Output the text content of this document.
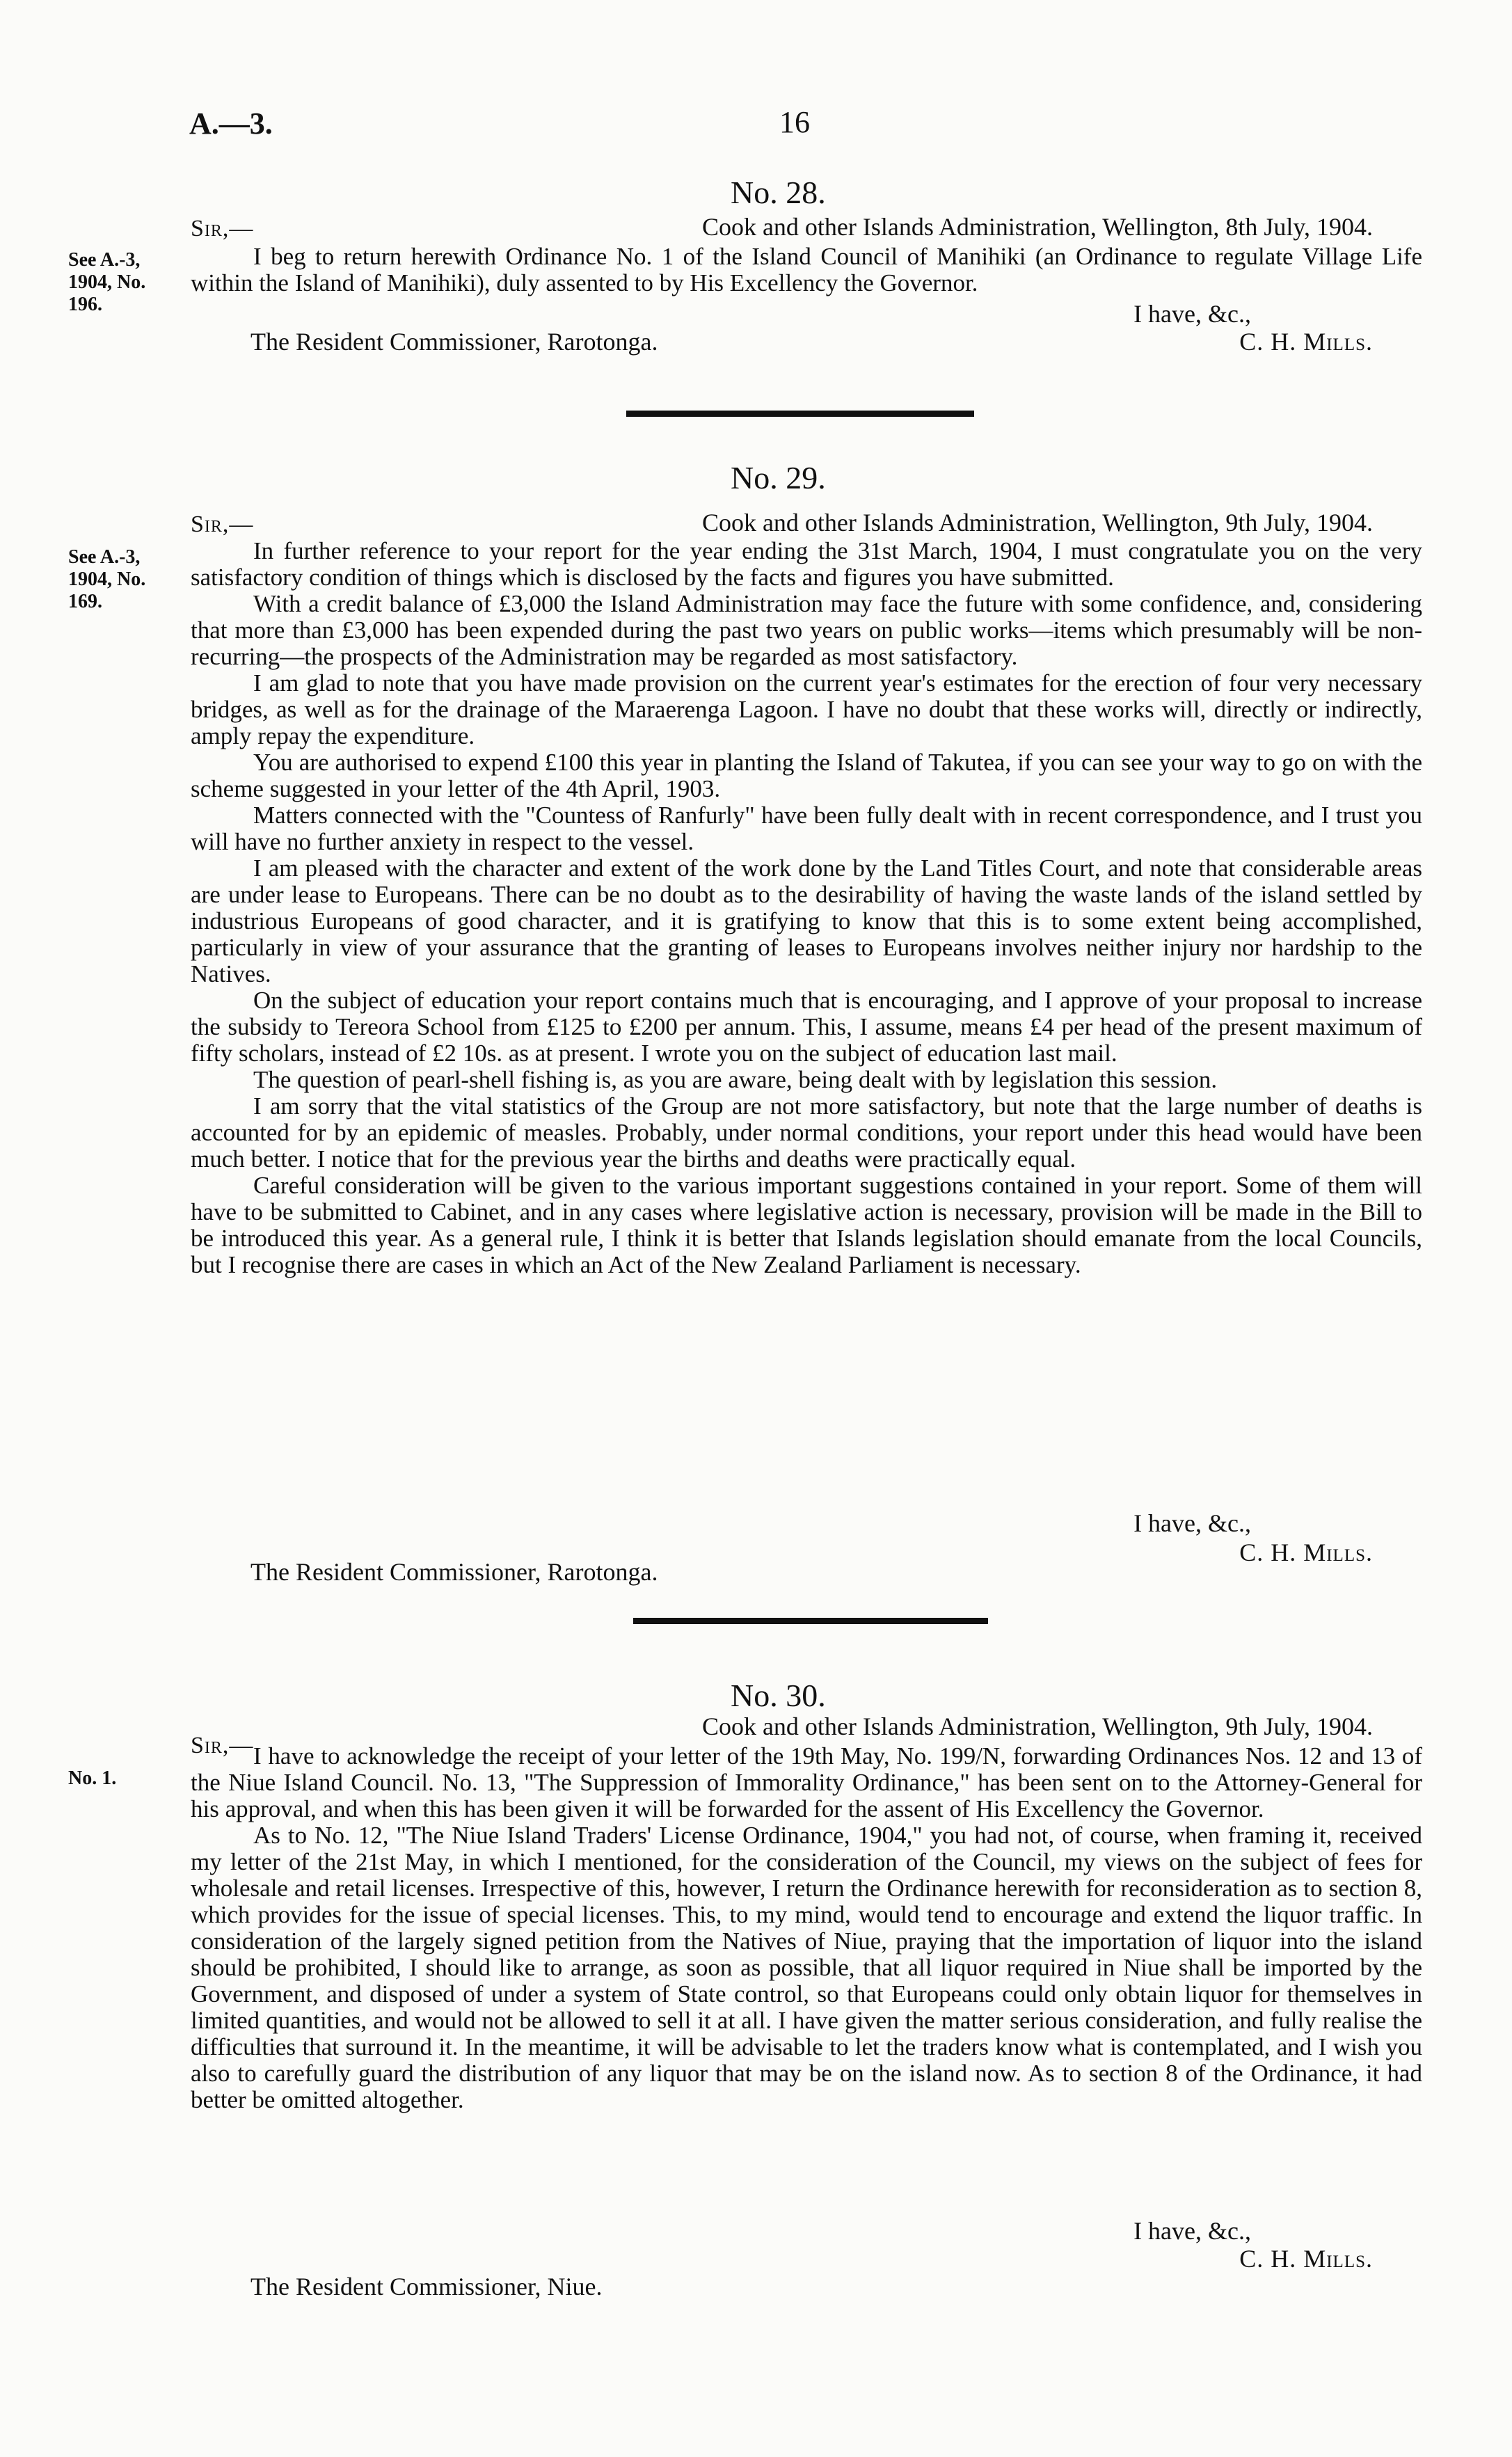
A.—3.	16
No. 28.
Sir,—	Cook and other Islands Administration, Wellington, 8th July, 1904.
See A.-3, 1904, No. 196.

I beg to return herewith Ordinance No. 1 of the Island Council of Manihiki (an Ordinance to regulate Village Life within the Island of Manihiki), duly assented to by His Excellency the Governor.

I have, &c.,
The Resident Commissioner, Rarotonga.	C. H. Mills.
No. 29.
Sir,—	Cook and other Islands Administration, Wellington, 9th July, 1904.
See A.-3, 1904, No. 169.

In further reference to your report for the year ending the 31st March, 1904, I must congratulate you on the very satisfactory condition of things which is disclosed by the facts and figures you have submitted.

With a credit balance of £3,000 the Island Administration may face the future with some confidence, and, considering that more than £3,000 has been expended during the past two years on public works—items which presumably will be non-recurring—the prospects of the Administration may be regarded as most satisfactory.

I am glad to note that you have made provision on the current year's estimates for the erection of four very necessary bridges, as well as for the drainage of the Maraerenga Lagoon. I have no doubt that these works will, directly or indirectly, amply repay the expenditure.

You are authorised to expend £100 this year in planting the Island of Takutea, if you can see your way to go on with the scheme suggested in your letter of the 4th April, 1903.

Matters connected with the "Countess of Ranfurly" have been fully dealt with in recent correspondence, and I trust you will have no further anxiety in respect to the vessel.

I am pleased with the character and extent of the work done by the Land Titles Court, and note that considerable areas are under lease to Europeans. There can be no doubt as to the desirability of having the waste lands of the island settled by industrious Europeans of good character, and it is gratifying to know that this is to some extent being accomplished, particularly in view of your assurance that the granting of leases to Europeans involves neither injury nor hardship to the Natives.

On the subject of education your report contains much that is encouraging, and I approve of your proposal to increase the subsidy to Tereora School from £125 to £200 per annum. This, I assume, means £4 per head of the present maximum of fifty scholars, instead of £2 10s. as at present. I wrote you on the subject of education last mail.

The question of pearl-shell fishing is, as you are aware, being dealt with by legislation this session.

I am sorry that the vital statistics of the Group are not more satisfactory, but note that the large number of deaths is accounted for by an epidemic of measles. Probably, under normal conditions, your report under this head would have been much better. I notice that for the previous year the births and deaths were practically equal.

Careful consideration will be given to the various important suggestions contained in your report. Some of them will have to be submitted to Cabinet, and in any cases where legislative action is necessary, provision will be made in the Bill to be introduced this year. As a general rule, I think it is better that Islands legislation should emanate from the local Councils, but I recognise there are cases in which an Act of the New Zealand Parliament is necessary.

I have, &c.,
The Resident Commissioner, Rarotonga.
C. H. Mills.
No. 30.
Sir,—
Cook and other Islands Administration, Wellington, 9th July, 1904.
No. 1.

I have to acknowledge the receipt of your letter of the 19th May, No. 199/N, forwarding Ordinances Nos. 12 and 13 of the Niue Island Council. No. 13, "The Suppression of Immorality Ordinance," has been sent on to the Attorney-General for his approval, and when this has been given it will be forwarded for the assent of His Excellency the Governor.

As to No. 12, "The Niue Island Traders' License Ordinance, 1904," you had not, of course, when framing it, received my letter of the 21st May, in which I mentioned, for the consideration of the Council, my views on the subject of fees for wholesale and retail licenses. Irrespective of this, however, I return the Ordinance herewith for reconsideration as to section 8, which provides for the issue of special licenses. This, to my mind, would tend to encourage and extend the liquor traffic. In consideration of the largely signed petition from the Natives of Niue, praying that the importation of liquor into the island should be prohibited, I should like to arrange, as soon as possible, that all liquor required in Niue shall be imported by the Government, and disposed of under a system of State control, so that Europeans could only obtain liquor for themselves in limited quantities, and would not be allowed to sell it at all. I have given the matter serious consideration, and fully realise the difficulties that surround it. In the meantime, it will be advisable to let the traders know what is contemplated, and I wish you also to carefully guard the distribution of any liquor that may be on the island now. As to section 8 of the Ordinance, it had better be omitted altogether.

I have, &c.,
The Resident Commissioner, Niue.
C. H. Mills.
